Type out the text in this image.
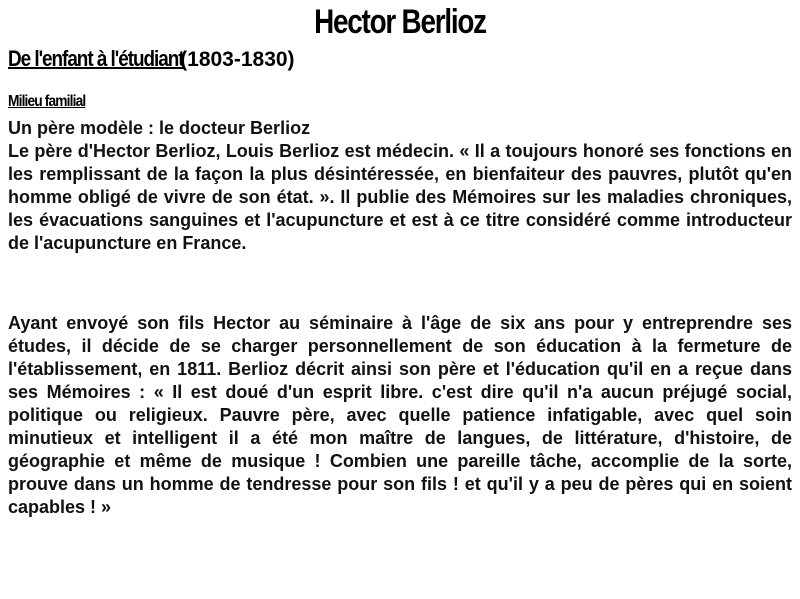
Hector Berlioz
De l'enfant à l'étudiant(1803-1830)
Milieu familial
Un père modèle : le docteur Berlioz

Le père d'Hector Berlioz, Louis Berlioz est médecin. « Il a toujours honoré ses fonctions en les remplissant de la façon la plus désintéressée, en bienfaiteur des pauvres, plutôt qu'en homme obligé de vivre de son état. ». Il publie des Mémoires sur les maladies chroniques, les évacuations sanguines et l'acupuncture et est à ce titre considéré comme introducteur de l'acupuncture en France.

Ayant envoyé son fils Hector au séminaire à l'âge de six ans pour y entreprendre ses études, il décide de se charger personnellement de son éducation à la fermeture de l'établissement, en 1811. Berlioz décrit ainsi son père et l'éducation qu'il en a reçue dans ses Mémoires : « Il est doué d'un esprit libre. c'est dire qu'il n'a aucun préjugé social, politique ou religieux. Pauvre père, avec quelle patience infatigable, avec quel soin minutieux et intelligent il a été mon maître de langues, de littérature, d'histoire, de géographie et même de musique ! Combien une pareille tâche, accomplie de la sorte, prouve dans un homme de tendresse pour son fils ! et qu'il y a peu de pères qui en soient capables ! »
